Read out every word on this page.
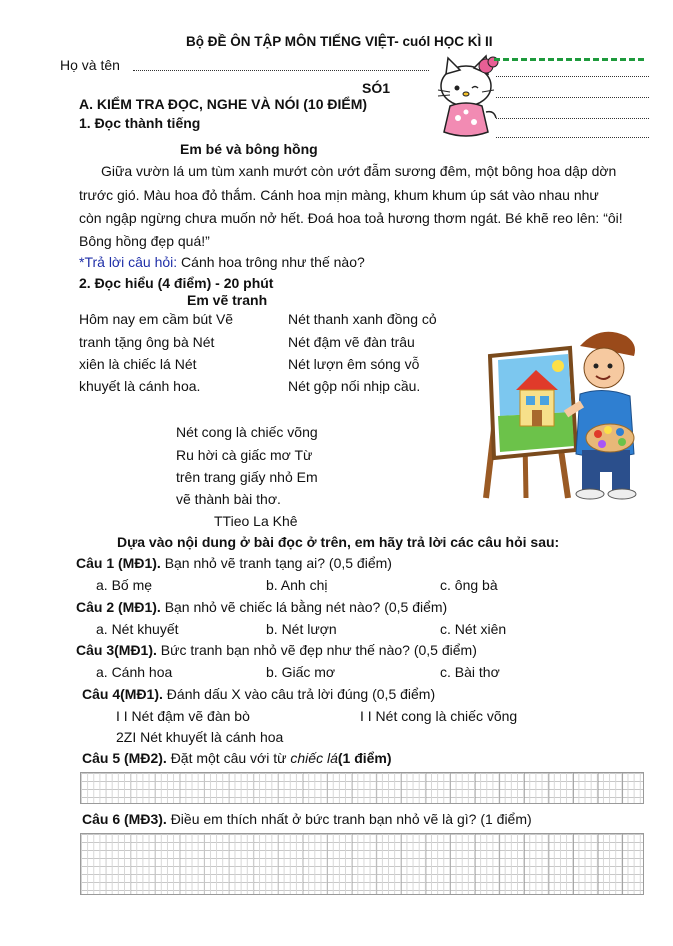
Bộ ĐỀ ÔN TẬP MÔN TIẾNG VIỆT- cuól HỌC KÌ II
Họ và tên
SÓ1
A. KIỂM TRA ĐỌC, NGHE VÀ NÓI (10 ĐIỂM)
1. Đọc thành tiếng
Em bé và bông hồng
Giữa vườn lá um tùm xanh mướt còn ướt đẫm sương đêm, một bông hoa dập dờn
trước gió. Màu hoa đỏ thắm. Cánh hoa mịn màng, khum khum úp sát vào nhau như
còn ngập ngừng chưa muốn nở hết. Đoá hoa toả hương thơm ngát. Bé khẽ reo lên: “ôi!
Bông hồng đẹp quá!”
*Trả lời câu hỏi: Cánh hoa trông như thế nào?
2. Đọc hiểu (4 điểm) - 20 phút
Em vẽ tranh
Hôm nay em cầm bút Vẽ
tranh tặng ông bà Nét
xiên là chiếc lá Nét
khuyết là cánh hoa.
Nét thanh xanh đồng cỏ
Nét đậm vẽ đàn trâu
Nét lượn êm sóng vỗ
Nét gộp nối nhịp cầu.
Nét cong là chiếc võng
Ru hời cà giấc mơ Từ
trên trang giấy nhỏ Em
vẽ thành bài thơ.
TTieo La Khê
Dựa vào nội dung ở bài đọc ở trên, em hãy trả lời các câu hỏi sau:
Câu 1 (MĐ1). Bạn nhỏ vẽ tranh tạng ai? (0,5 điểm)
a. Bố mẹ	b. Anh chị	c. ông bà
Câu 2 (MĐ1). Bạn nhỏ vẽ chiếc lá bằng nét nào? (0,5 điểm)
a. Nét khuyết	b. Nét lượn	c. Nét xiên
Câu 3(MĐ1). Bức tranh bạn nhỏ vẽ đẹp như thế nào? (0,5 điểm)
a. Cánh hoa	b. Giấc mơ	c. Bài thơ
Câu 4(MĐ1). Đánh dấu X vào câu trả lời đúng (0,5 điểm)
I I Nét đậm vẽ đàn bò	I I Nét cong là chiếc võng
2ZI Nét khuyết là cánh hoa
Câu 5 (MĐ2). Đặt một câu với từ chiếc lá(1 điểm)
Câu 6 (MĐ3). Điều em thích nhất ở bức tranh bạn nhỏ vẽ là gì? (1 điểm)
